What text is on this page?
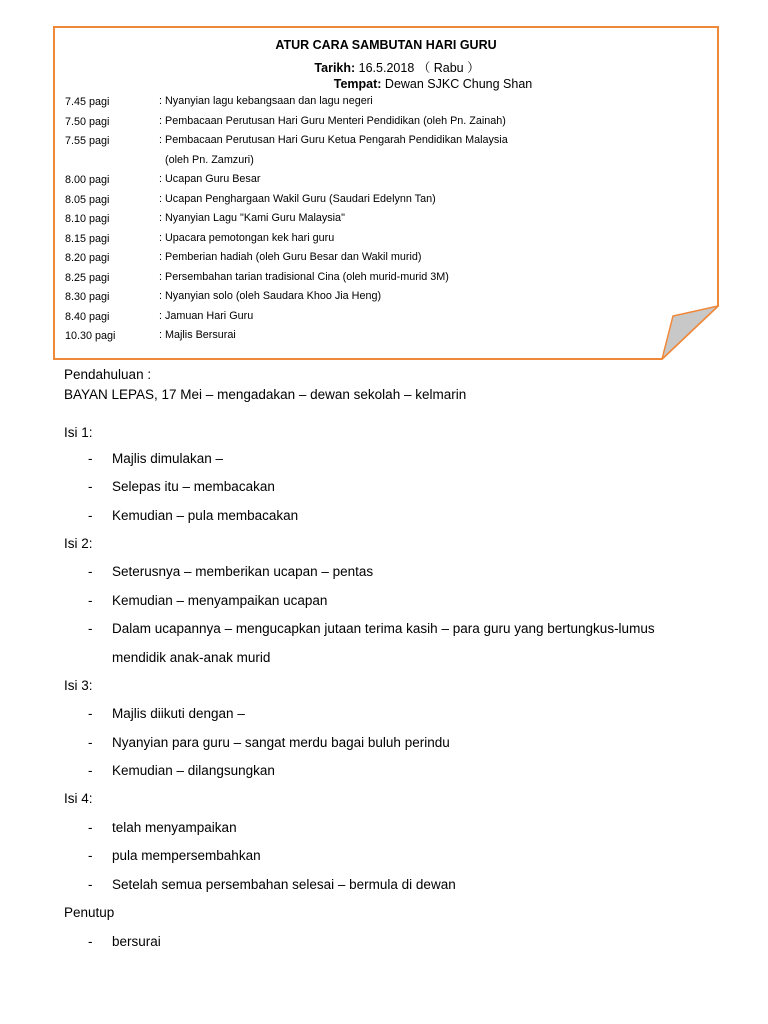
ATUR CARA SAMBUTAN HARI GURU
Tarikh: 16.5.2018 （ Rabu ）
Tempat: Dewan SJKC Chung Shan
7.45 pagi	: Nyanyian lagu kebangsaan dan lagu negeri
7.50 pagi	: Pembacaan Perutusan Hari Guru Menteri Pendidikan (oleh Pn. Zainah)
7.55 pagi	: Pembacaan Perutusan Hari Guru Ketua Pengarah Pendidikan Malaysia
(oleh Pn. Zamzuri)
8.00 pagi	: Ucapan Guru Besar
8.05 pagi	: Ucapan Penghargaan Wakil Guru (Saudari Edelynn Tan)
8.10 pagi	: Nyanyian Lagu "Kami Guru Malaysia"
8.15 pagi	: Upacara pemotongan kek hari guru
8.20 pagi	: Pemberian hadiah (oleh Guru Besar dan Wakil murid)
8.25 pagi	: Persembahan tarian tradisional Cina (oleh murid-murid 3M)
8.30 pagi	: Nyanyian solo (oleh Saudara Khoo Jia Heng)
8.40 pagi	: Jamuan Hari Guru
10.30 pagi	: Majlis Bersurai
Pendahuluan :
BAYAN LEPAS, 17 Mei – mengadakan – dewan sekolah – kelmarin
Isi 1:
- Majlis dimulakan –
- Selepas itu – membacakan
- Kemudian – pula membacakan
Isi 2:
- Seterusnya – memberikan ucapan – pentas
- Kemudian – menyampaikan ucapan
- Dalam ucapannya – mengucapkan jutaan terima kasih – para guru yang bertungkus-lumus
mendidik anak-anak murid
Isi 3:
- Majlis diikuti dengan –
- Nyanyian para guru – sangat merdu bagai buluh perindu
- Kemudian – dilangsungkan
Isi 4:
- telah menyampaikan
- pula mempersembahkan
- Setelah semua persembahan selesai – bermula di dewan
Penutup
- bersurai
